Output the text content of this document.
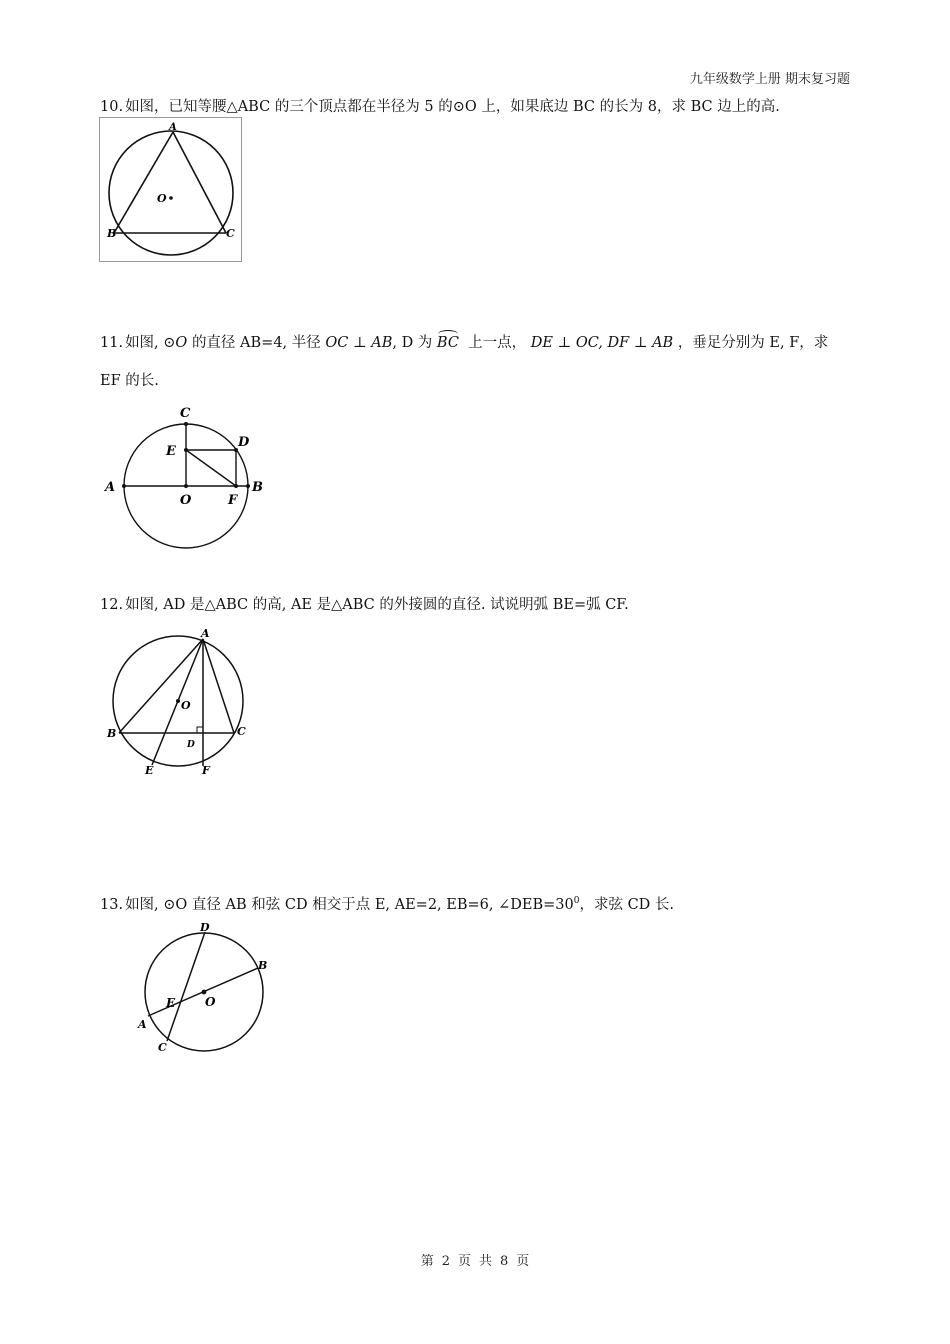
九年级数学上册 期末复习题
10. 如图，已知等腰△ABC 的三个顶点都在半径为 5 的⊙O 上，如果底边 BC 的长为 8，求 BC 边上的高.
A
B	C
O
11. 如图, ⊙O 的直径 AB=4, 半径 OC ⊥ AB, D 为 BC 上一点， DE ⊥ OC, DF ⊥ AB ，垂足分别为 E, F，求
EF 的长.
A	B
C
D
E
F
O
12. 如图, AD 是△ABC 的高, AE 是△ABC 的外接圆的直径. 试说明弧 BE=弧 CF.
A
B	C
D
E	F
O
13. 如图, ⊙O 直径 AB 和弦 CD 相交于点 E, AE=2, EB=6, $\angle DEB=30^0$，求弦 CD 长.
D
B
E O
A
C
第 2 页 共 8 页
